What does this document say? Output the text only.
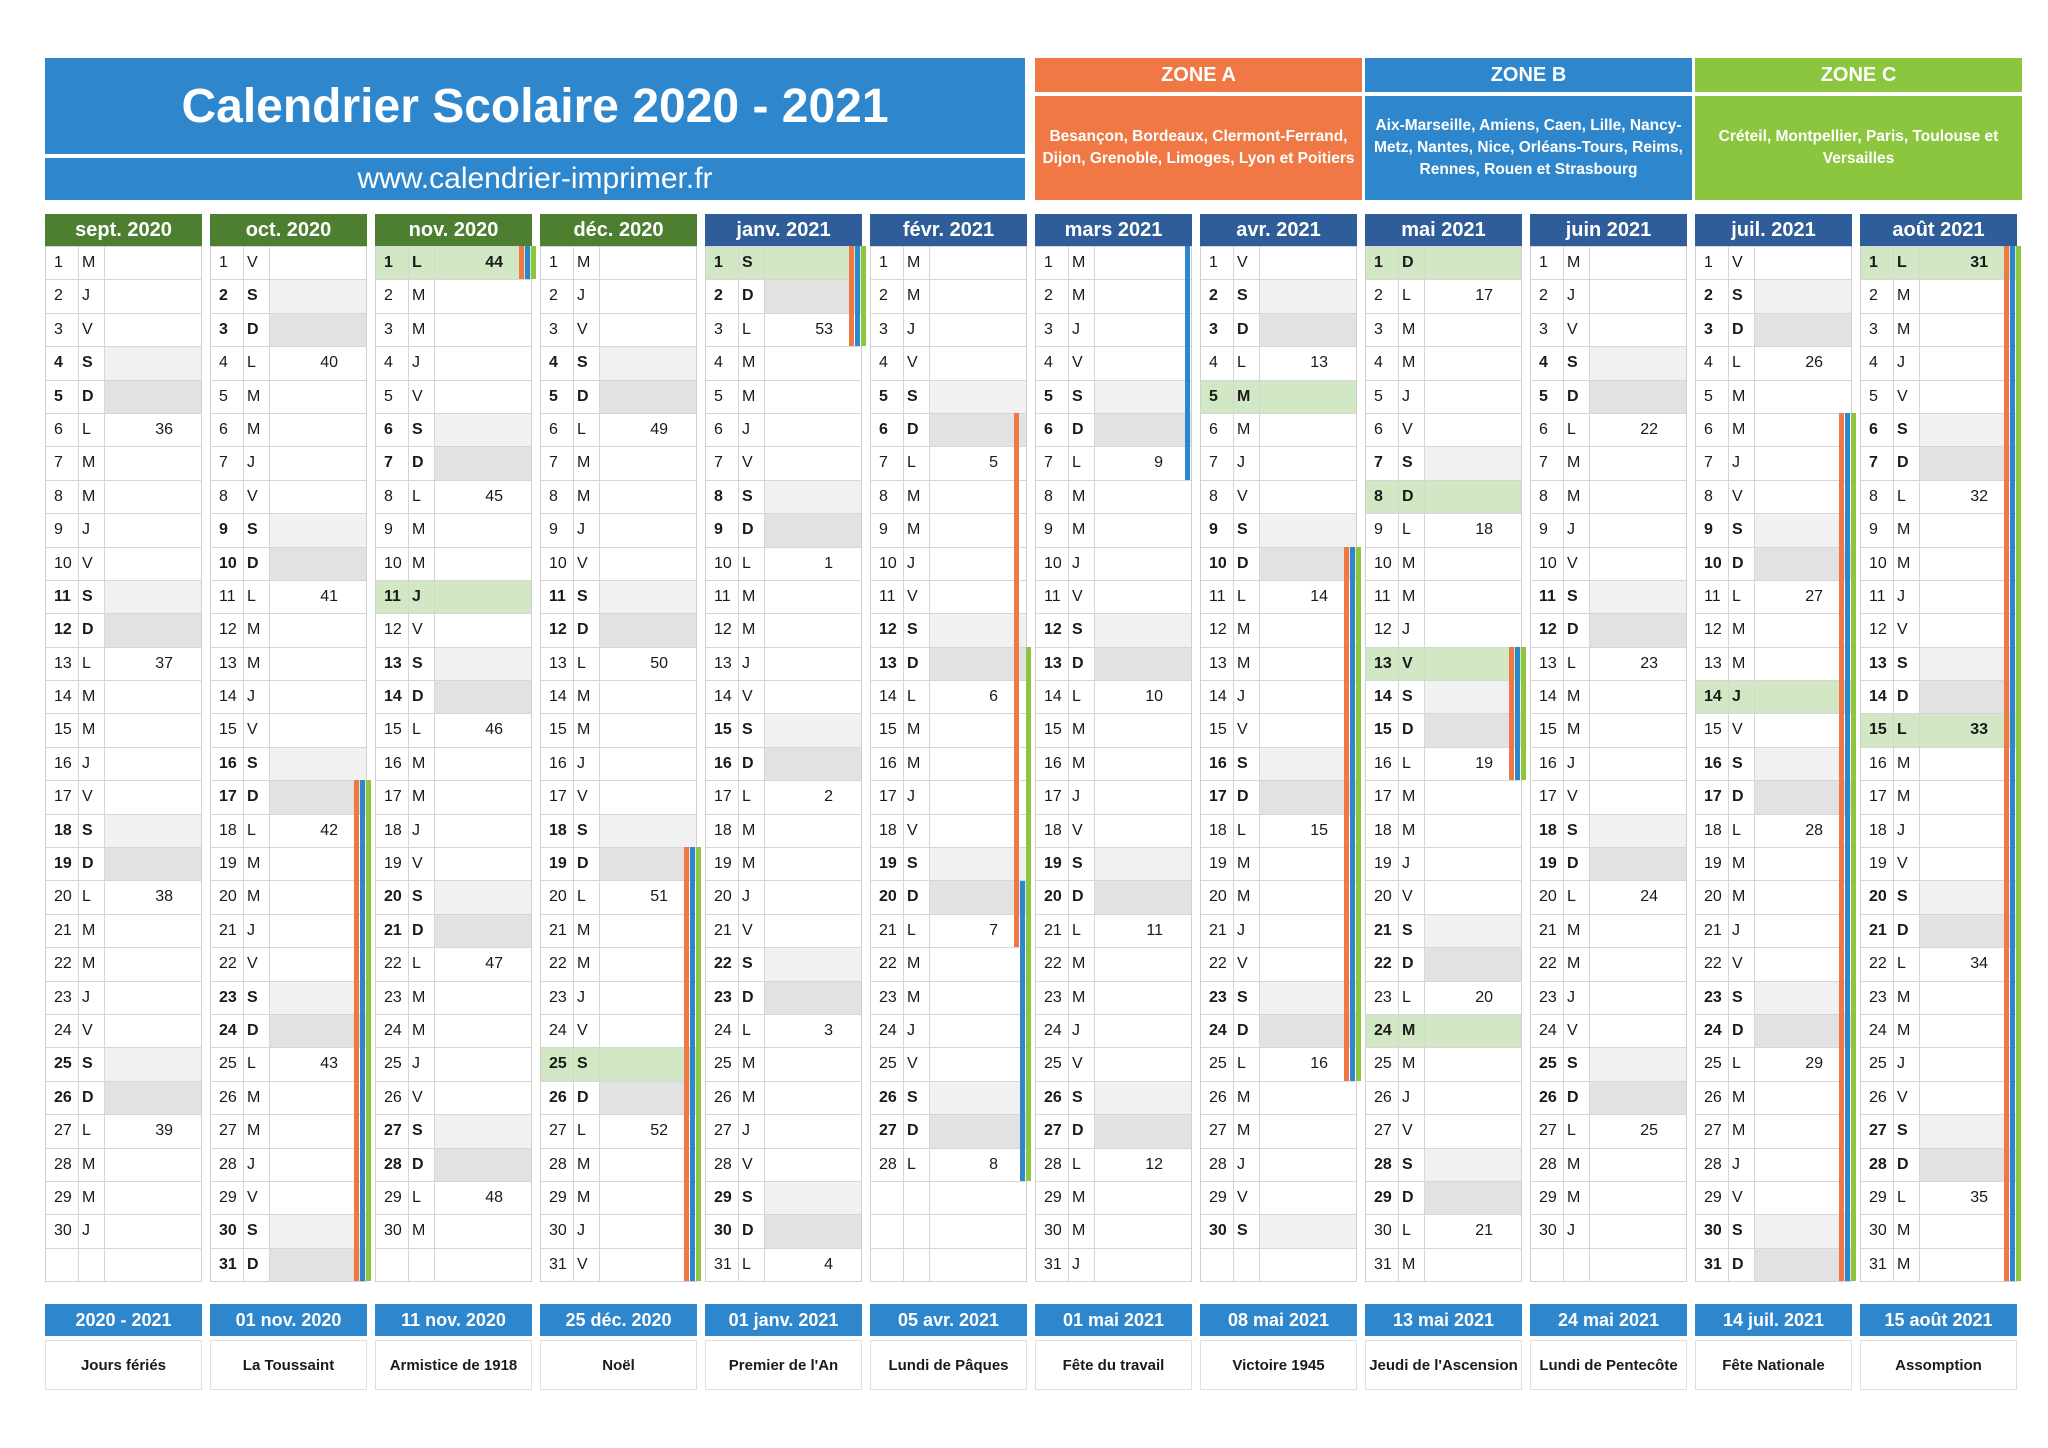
Calendrier Scolaire 2020 - 2021
www.calendrier-imprimer.fr
ZONE A
Besançon, Bordeaux, Clermont-Ferrand, Dijon, Grenoble, Limoges, Lyon et Poitiers
ZONE B
Aix-Marseille, Amiens, Caen, Lille, Nancy-Metz, Nantes, Nice, Orléans-Tours, Reims, Rennes, Rouen et Strasbourg
ZONE C
Créteil, Montpellier, Paris, Toulouse et Versailles
sept. 2020
1	M
2	J
3	V
4	S
5	D
6	L	36
7	M
8	M
9	J
10 V
11 S
12 D
13 L	37
14 M
15 M
16 J
17 V
18 S
19 D
20 L	38
21 M
22 M
23 J
24 V
25 S
26 D
27 L	39
28 M
29 M
30 J
oct. 2020
1	V
2	S
3	D
4	L	40
5	M
6	M
7	J
8	V
9	S
10 D
11 L	41
12 M
13 M
14 J
15 V
16 S
17 D
18 L	42
19 M
20 M
21 J
22 V
23 S
24 D
25 L	43
26 M
27 M
28 J
29 V
30 S
31 D
nov. 2020
1	L	44
2	M
3	M
4	J
5	V
6	S
7	D
8	L	45
9	M
10 M
11 J
12 V
13 S
14 D
15 L	46
16 M
17 M
18 J
19 V
20 S
21 D
22 L	47
23 M
24 M
25 J
26 V
27 S
28 D
29 L	48
30 M
déc. 2020
1	M
2	J
3	V
4	S
5	D
6	L	49
7	M
8	M
9	J
10 V
11 S
12 D
13 L	50
14 M
15 M
16 J
17 V
18 S
19 D
20 L	51
21 M
22 M
23 J
24 V
25 S
26 D
27 L	52
28 M
29 M
30 J
31 V
janv. 2021
1	S
2	D
3	L	53
4	M
5	M
6	J
7	V
8	S
9	D
10 L	1
11 M
12 M
13 J
14 V
15 S
16 D
17 L	2
18 M
19 M
20 J
21 V
22 S
23 D
24 L	3
25 M
26 M
27 J
28 V
29 S
30 D
31 L	4
févr. 2021
1	M
2	M
3	J
4	V
5	S
6	D
7	L	5
8	M
9	M
10 J
11 V
12 S
13 D
14 L	6
15 M
16 M
17 J
18 V
19 S
20 D
21 L	7
22 M
23 M
24 J
25 V
26 S
27 D
28 L	8
mars 2021
1	M
2	M
3	J
4	V
5	S
6	D
7	L	9
8	M
9	M
10 J
11 V
12 S
13 D
14 L	10
15 M
16 M
17 J
18 V
19 S
20 D
21 L	11
22 M
23 M
24 J
25 V
26 S
27 D
28 L	12
29 M
30 M
31 J
avr. 2021
1	V
2	S
3	D
4	L	13
5	M
6	M
7	J
8	V
9	S
10 D
11 L	14
12 M
13 M
14 J
15 V
16 S
17 D
18 L	15
19 M
20 M
21 J
22 V
23 S
24 D
25 L	16
26 M
27 M
28 J
29 V
30 S
mai 2021
1	D
2	L	17
3	M
4	M
5	J
6	V
7	S
8	D
9	L	18
10 M
11 M
12 J
13 V
14 S
15 D
16 L	19
17 M
18 M
19 J
20 V
21 S
22 D
23 L	20
24 M
25 M
26 J
27 V
28 S
29 D
30 L	21
31 M
juin 2021
1	M
2	J
3	V
4	S
5	D
6	L	22
7	M
8	M
9	J
10 V
11 S
12 D
13 L	23
14 M
15 M
16 J
17 V
18 S
19 D
20 L	24
21 M
22 M
23 J
24 V
25 S
26 D
27 L	25
28 M
29 M
30 J
juil. 2021
1	V
2	S
3	D
4	L	26
5	M
6	M
7	J
8	V
9	S
10 D
11 L	27
12 M
13 M
14 J
15 V
16 S
17 D
18 L	28
19 M
20 M
21 J
22 V
23 S
24 D
25 L	29
26 M
27 M
28 J
29 V
30 S
31 D
août 2021
1	L	31
2	M
3	M
4	J
5	V
6	S
7	D
8	L	32
9	M
10 M
11 J
12 V
13 S
14 D
15 L	33
16 M
17 M
18 J
19 V
20 S
21 D
22 L	34
23 M
24 M
25 J
26 V
27 S
28 D
29 L	35
30 M
31 M
2020 - 2021
Jours fériés
01 nov. 2020
La Toussaint
11 nov. 2020
Armistice de 1918
25 déc. 2020
Noël
01 janv. 2021
Premier de l'An
05 avr. 2021
Lundi de Pâques
01 mai 2021
Fête du travail
08 mai 2021
Victoire 1945
13 mai 2021
Jeudi de l'Ascension
24 mai 2021
Lundi de Pentecôte
14 juil. 2021
Fête Nationale
15 août 2021
Assomption
